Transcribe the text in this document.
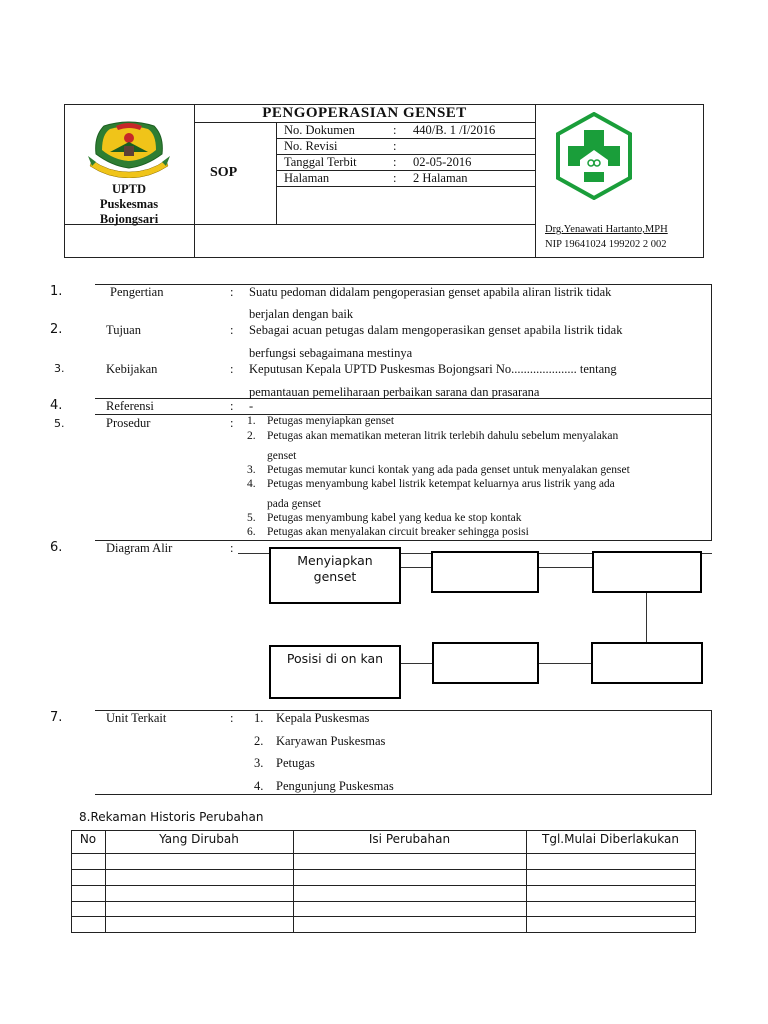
UPTD
Puskesmas
Bojongsari
PENGOPERASIAN GENSET
SOP
No. Dokumen	: 440/B. 1 /I/2016
No. Revisi	:
Tanggal Terbit	: 02-05-2016
Halaman	: 2 Halaman
Drg.Yenawati Hartanto,MPH
NIP 19641024 199202 2 002
1.	Pengertian	: Suatu pedoman didalam pengoperasian genset apabila aliran listrik tidak
berjalan dengan baik
2.	Tujuan	: Sebagai acuan petugas dalam mengoperasikan genset apabila listrik tidak
berfungsi sebagaimana mestinya
3.	Kebijakan	: Keputusan Kepala UPTD Puskesmas Bojongsari No..................... tentang
pemantauan pemeliharaan perbaikan sarana dan prasarana
4.	Referensi	: -
5.	Prosedur	: 1. Petugas menyiapkan genset
2. Petugas akan mematikan meteran litrik terlebih dahulu sebelum menyalakan
genset
3. Petugas memutar kunci kontak yang ada pada genset untuk menyalakan genset
4. Petugas menyambung kabel listrik ketempat keluarnya arus listrik yang ada
pada genset
5. Petugas menyambung kabel yang kedua ke stop kontak
6. Petugas akan menyalakan circuit breaker sehingga posisi
6.	Diagram Alir	:
Menyiapkan genset
Posisi di on kan
7.	Unit Terkait	: 1. Kepala Puskesmas
2. Karyawan Puskesmas
3. Petugas
4. Pengunjung Puskesmas
8.Rekaman Historis Perubahan
No	Yang Dirubah	Isi Perubahan	Tgl.Mulai Diberlakukan
